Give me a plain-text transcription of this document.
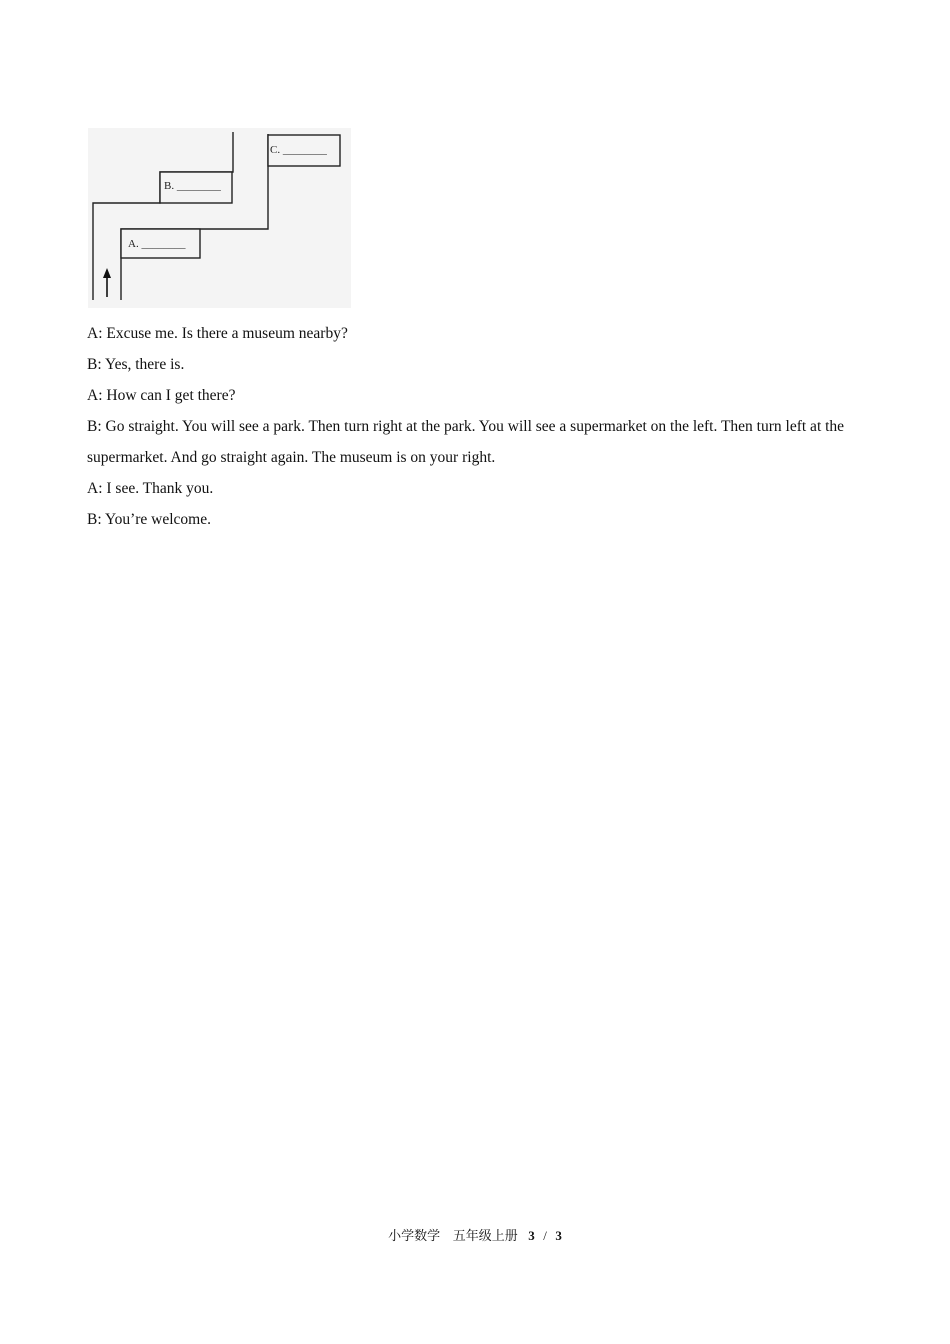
A. ________
B. ________
C. ________

A: Excuse me. Is there a museum nearby?

B: Yes, there is.

A: How can I get there?

B: Go straight. You will see a park. Then turn right at the park. You will see a supermarket on the left. Then turn left at the supermarket. And go straight again. The museum is on your right.

A: I see. Thank you.

B: You’re welcome.

小学数学 五年级上册 3 / 3
